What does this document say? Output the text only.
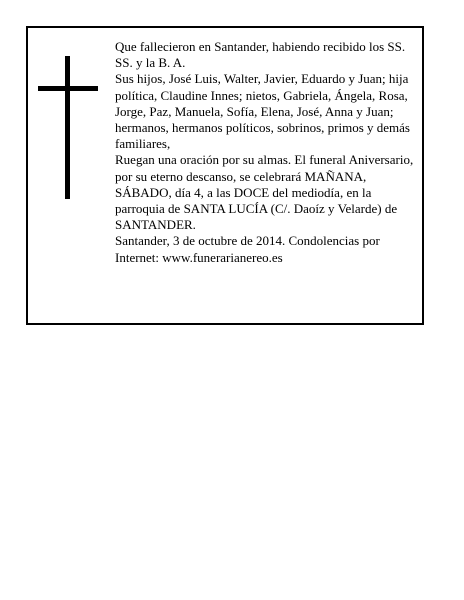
Que fallecieron en Santander, habiendo recibido los SS. SS. y la B. A.

Sus hijos, José Luis, Walter, Javier, Eduardo y Juan; hija política, Claudine Innes; nietos, Gabriela, Ángela, Rosa, Jorge, Paz, Manuela, Sofía, Elena, José, Anna y Juan; hermanos, hermanos políticos, sobrinos, primos y demás familiares,

Ruegan una oración por su almas. El funeral Aniversario, por su eterno descanso, se celebrará MAÑANA, SÁBADO, día 4, a las DOCE del mediodía, en la parroquia de SANTA LUCÍA (C/. Daoíz y Velarde) de SANTANDER.

Santander, 3 de octubre de 2014. Condolencias por Internet: www.funerarianereo.es
